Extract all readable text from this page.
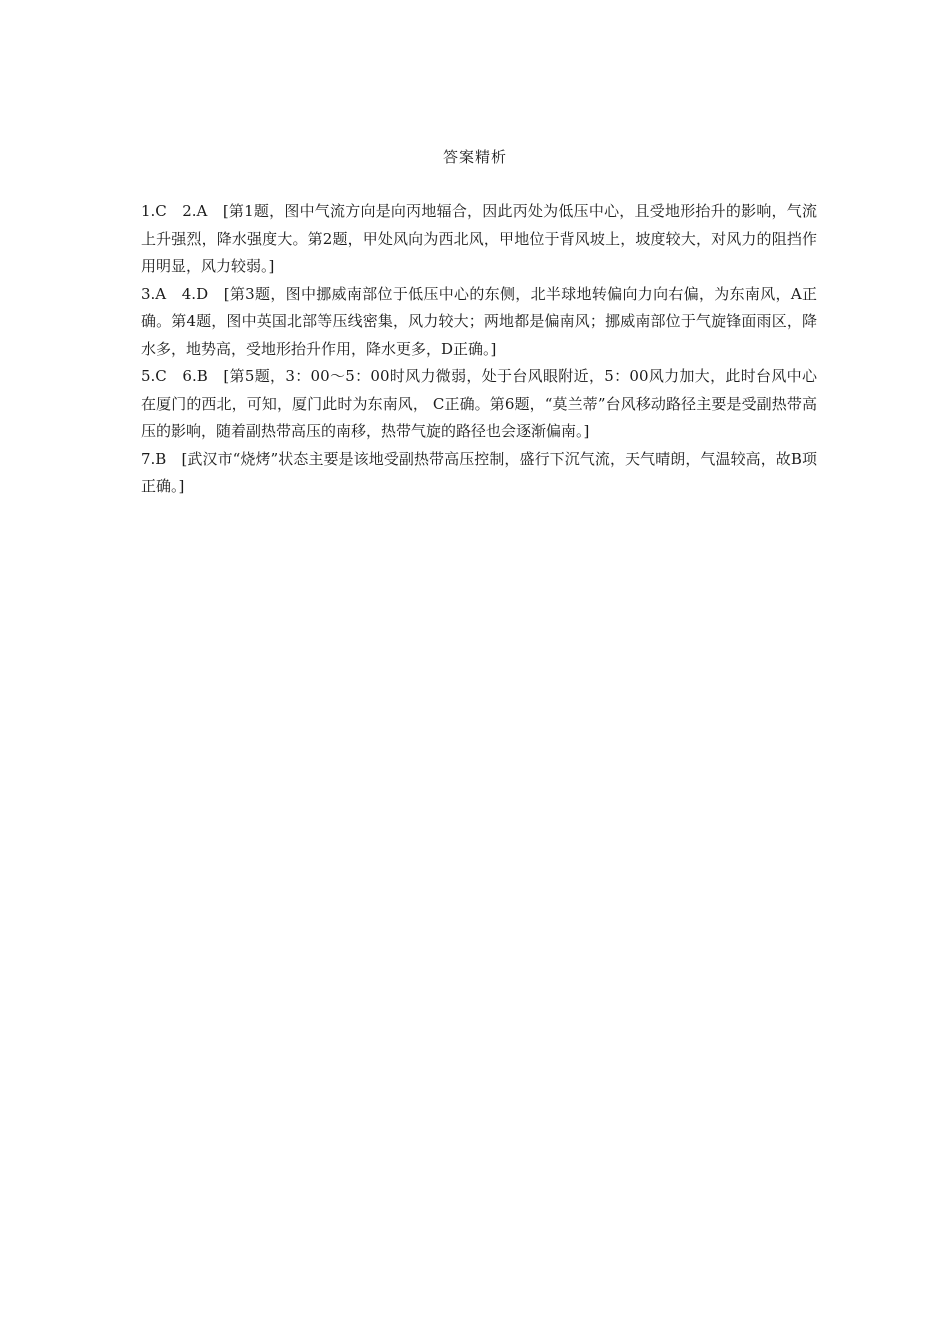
答案精析

1.C　2.A　[第1题，图中气流方向是向丙地辐合，因此丙处为低压中心，且受地形抬升的影响，气流上升强烈，降水强度大。第2题，甲处风向为西北风，甲地位于背风坡上，坡度较大，对风力的阻挡作用明显，风力较弱。]

3.A　4.D　[第3题，图中挪威南部位于低压中心的东侧，北半球地转偏向力向右偏，为东南风，A正确。第4题，图中英国北部等压线密集，风力较大；两地都是偏南风；挪威南部位于气旋锋面雨区，降水多，地势高，受地形抬升作用，降水更多，D正确。]

5.C　6.B　[第5题，3：00～5：00时风力微弱，处于台风眼附近，5：00风力加大，此时台风中心在厦门的西北，可知，厦门此时为东南风， C正确。第6题，“莫兰蒂”台风移动路径主要是受副热带高压的影响，随着副热带高压的南移，热带气旋的路径也会逐渐偏南。]

7.B　[武汉市“烧烤”状态主要是该地受副热带高压控制，盛行下沉气流，天气晴朗，气温较高，故B项正确。]
